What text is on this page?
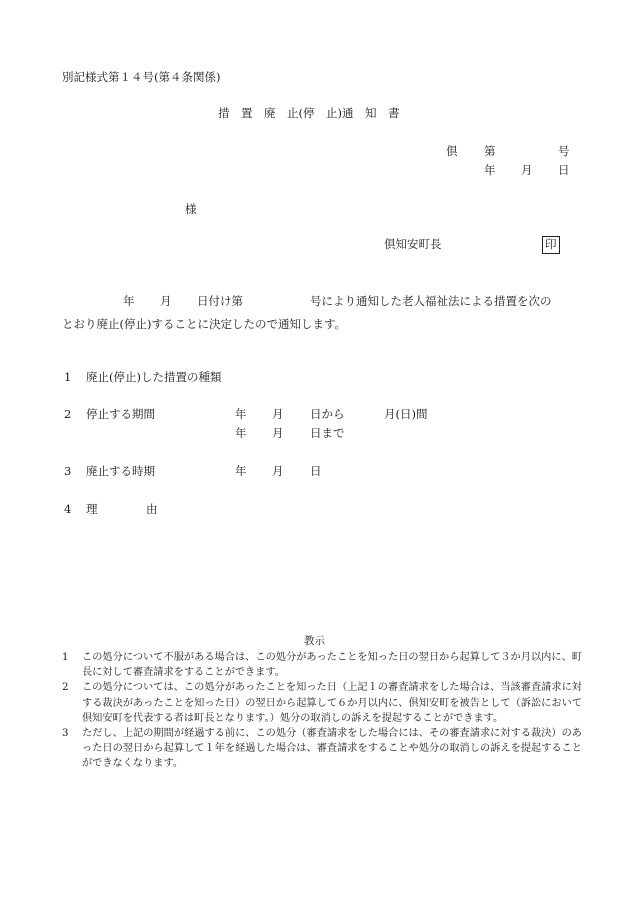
別記様式第１４号(第４条関係)
措　置　廃　止(停　止)通　知　書
倶 第	号
年 月 日
様
倶知安町長	印
年 月 日付け第	号により通知した老人福祉法による措置を次の
とおり廃止(停止)することに決定したので通知します。
1 廃止(停止)した措置の種類
2 停止する期間	年 月 日から	月(日)間
年 月 日まで
3 廃止する時期	年 月 日
4 理	由
教示
1	この処分について不服がある場合は、この処分があったことを知った日の翌日から起算して３か月以内に、町長に対して審査請求をすることができます。
2	この処分については、この処分があったことを知った日（上記１の審査請求をした場合は、当該審査請求に対する裁決があったことを知った日）の翌日から起算して６か月以内に、倶知安町を被告として（訴訟において倶知安町を代表する者は町長となります。）処分の取消しの訴えを提起することができます。
3	ただし、上記の期間が経過する前に、この処分（審査請求をした場合には、その審査請求に対する裁決）のあった日の翌日から起算して１年を経過した場合は、審査請求をすることや処分の取消しの訴えを提起することができなくなります。
